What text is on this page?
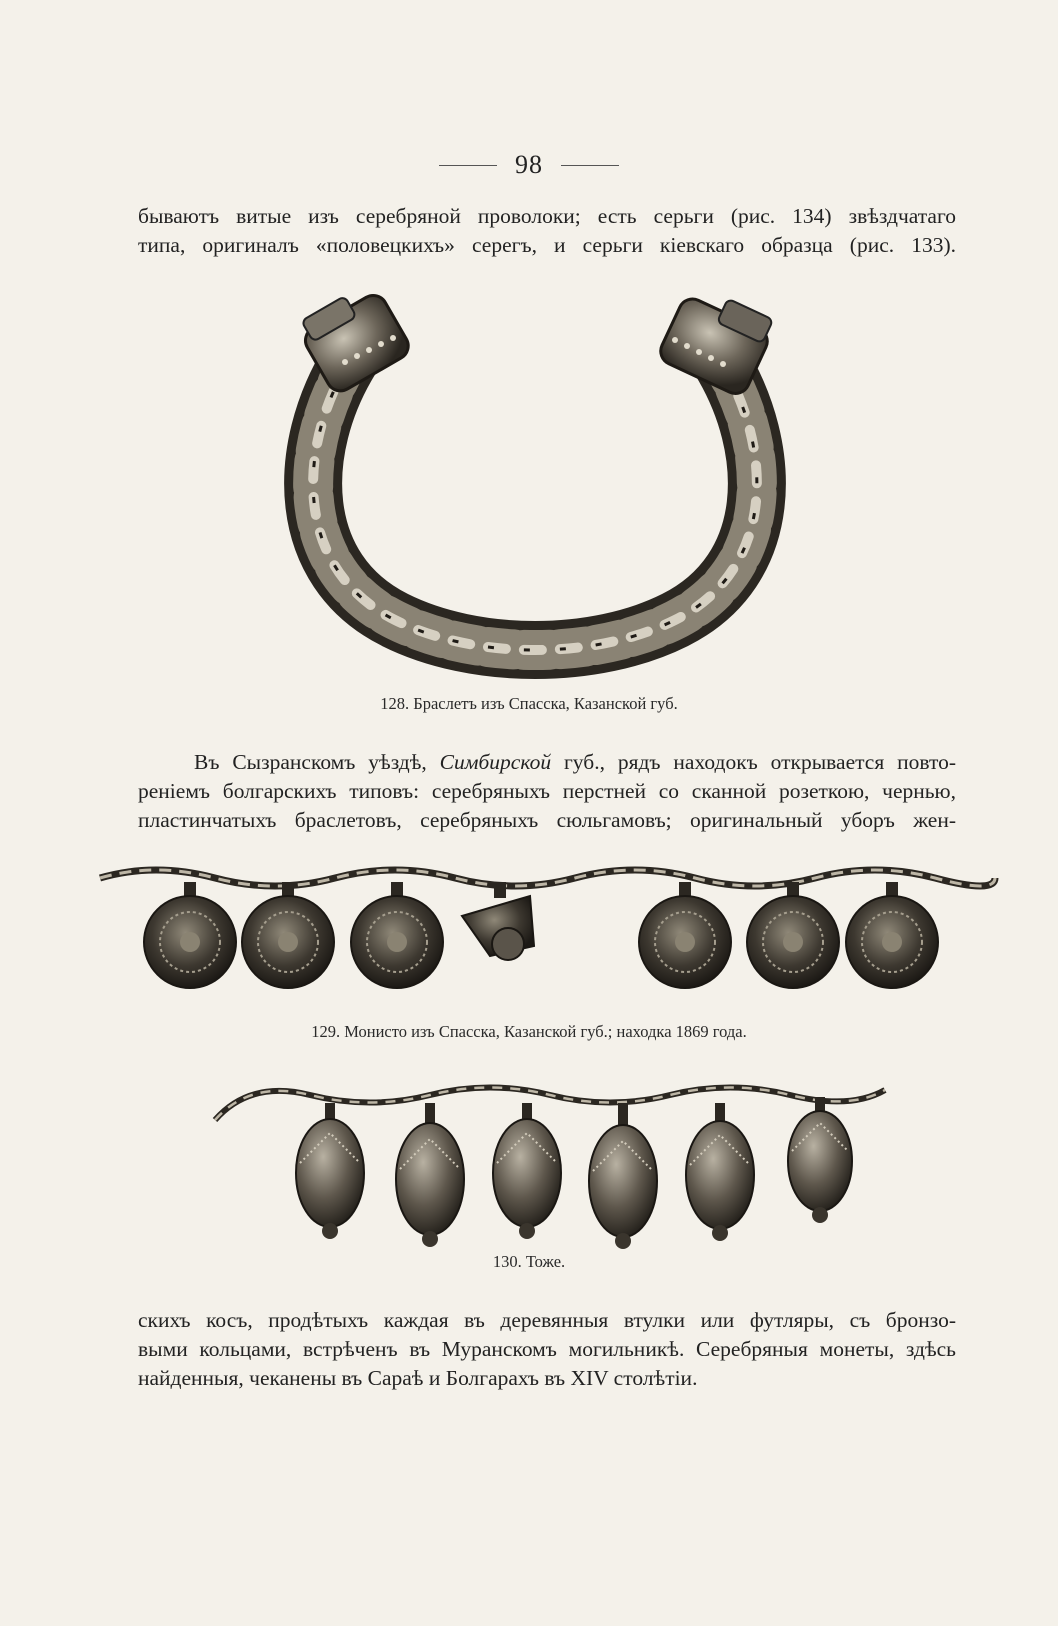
98

бываютъ витые изъ серебряной проволоки; есть серьги (рис. 134) звѣздчатаго
типа, оригиналъ «половецкихъ» серегъ, и серьги кіевскаго образца (рис. 133).

128. Браслетъ изъ Спасска, Казанской губ.

Въ Сызранскомъ уѣздѣ, Симбирской губ., рядъ находокъ открывается повто-
реніемъ болгарскихъ типовъ: серебряныхъ перстней со сканной розеткою, чернью,
пластинчатыхъ браслетовъ, серебряныхъ сюльгамовъ; оригинальный уборъ жен-

129. Монисто изъ Спасска, Казанской губ.; находка 1869 года.
130. Тоже.

скихъ косъ, продѣтыхъ каждая въ деревянныя втулки или футляры, съ бронзо-
выми кольцами, встрѣченъ въ Муранскомъ могильникѣ. Серебряныя монеты, здѣсь
найденныя, чеканены въ Сараѣ и Болгарахъ въ XIV столѣтіи.
